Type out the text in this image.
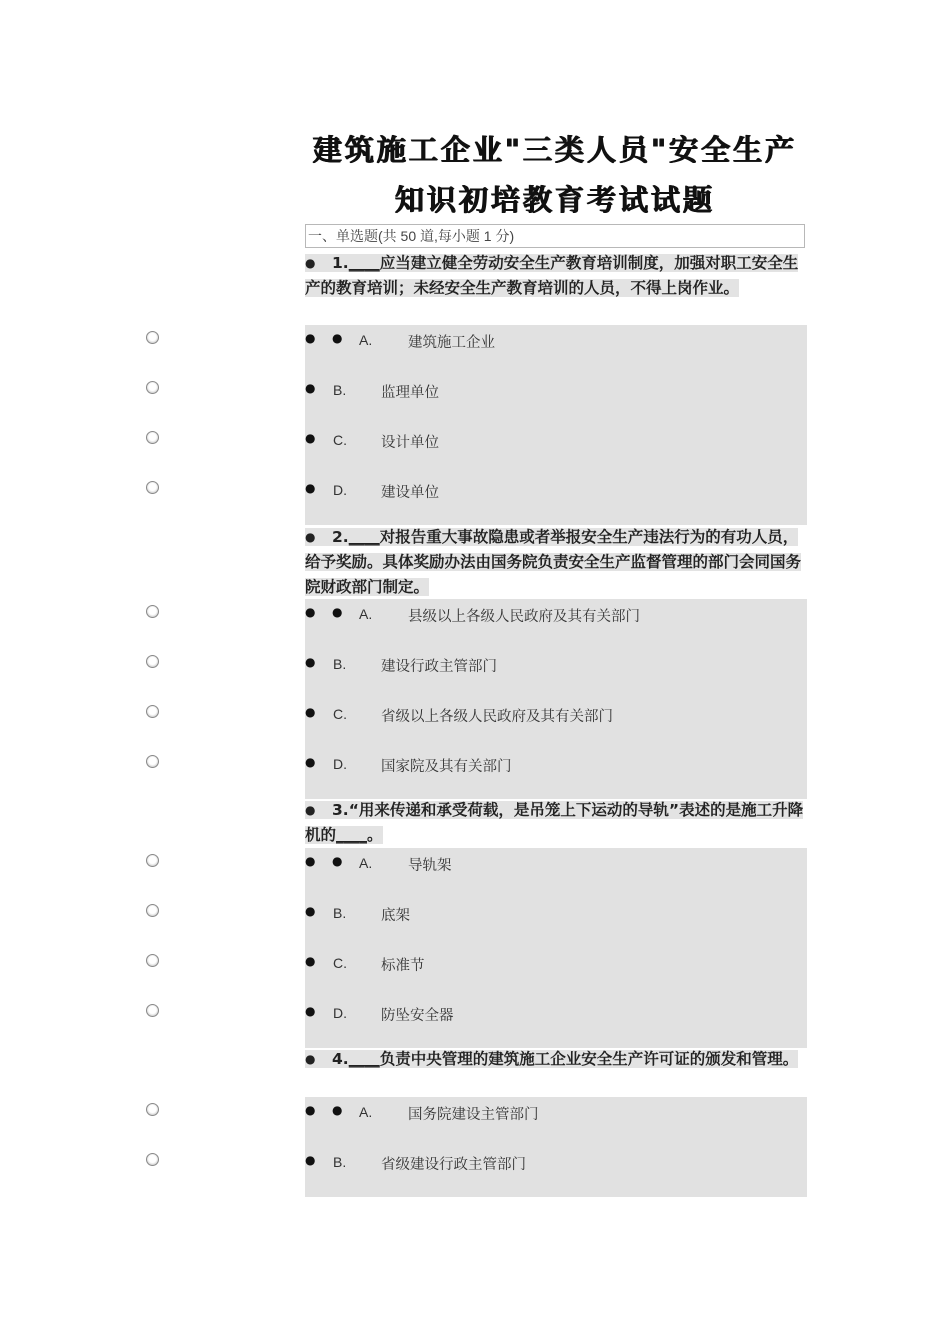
建筑施工企业"三类人员"安全生产
知识初培教育考试试题
一、单选题(共 50 道,每小题 1 分)
● 1.____应当建立健全劳动安全生产教育培训制度，加强对职工安全生产的教育培训；未经安全生产教育培训的人员，不得上岗作业。
● ● A. 建筑施工企业
● B. 监理单位
● C. 设计单位
● D. 建设单位
● 2.____对报告重大事故隐患或者举报安全生产违法行为的有功人员，给予奖励。具体奖励办法由国务院负责安全生产监督管理的部门会同国务院财政部门制定。
● ● A. 县级以上各级人民政府及其有关部门
● B. 建设行政主管部门
● C. 省级以上各级人民政府及其有关部门
● D. 国家院及其有关部门
● 3.“用来传递和承受荷载，是吊笼上下运动的导轨”表述的是施工升降机的____。
● ● A. 导轨架
● B. 底架
● C. 标准节
● D. 防坠安全器
● 4.____负责中央管理的建筑施工企业安全生产许可证的颁发和管理。
● ● A. 国务院建设主管部门
● B. 省级建设行政主管部门
